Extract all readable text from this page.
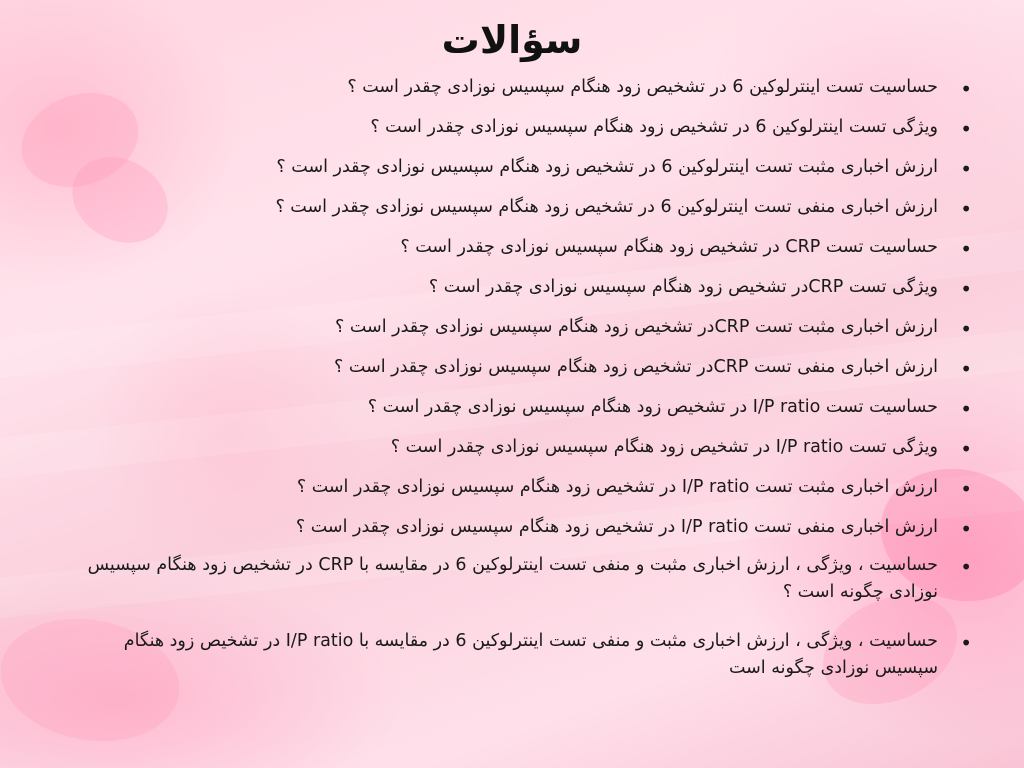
سؤالات
•
حساسیت تست اینترلوکین 6 در تشخیص زود هنگام سپسیس نوزادی چقدر است ؟
•
ویژگی تست اینترلوکین 6 در تشخیص زود هنگام سپسیس نوزادی چقدر است ؟
•
ارزش اخباری مثبت تست اینترلوکین 6 در تشخیص زود هنگام سپسیس نوزادی چقدر است ؟
•
ارزش اخباری منفی تست اینترلوکین 6 در تشخیص زود هنگام سپسیس نوزادی چقدر است ؟
•
حساسیت تست CRP در تشخیص زود هنگام سپسیس نوزادی چقدر است ؟
•
ویژگی تست CRPدر تشخیص زود هنگام سپسیس نوزادی چقدر است ؟
•
ارزش اخباری مثبت تست CRPدر تشخیص زود هنگام سپسیس نوزادی چقدر است ؟
•
ارزش اخباری منفی تست CRPدر تشخیص زود هنگام سپسیس نوزادی چقدر است ؟
•
حساسیت تست I/P ratio در تشخیص زود هنگام سپسیس نوزادی چقدر است ؟
•
ویژگی تست I/P ratio در تشخیص زود هنگام سپسیس نوزادی چقدر است ؟
•
ارزش اخباری مثبت تست I/P ratio در تشخیص زود هنگام سپسیس نوزادی چقدر است ؟
•
ارزش اخباری منفی تست I/P ratio در تشخیص زود هنگام سپسیس نوزادی چقدر است ؟
•
حساسیت ، ویژگی ، ارزش اخباری مثبت و منفی تست اینترلوکین 6 در مقایسه با CRP در تشخیص زود هنگام سپسیس نوزادی چگونه است ؟
•
حساسیت ، ویژگی ، ارزش اخباری مثبت و منفی تست اینترلوکین 6 در مقایسه با I/P ratio در تشخیص زود هنگام سپسیس نوزادی چگونه است
